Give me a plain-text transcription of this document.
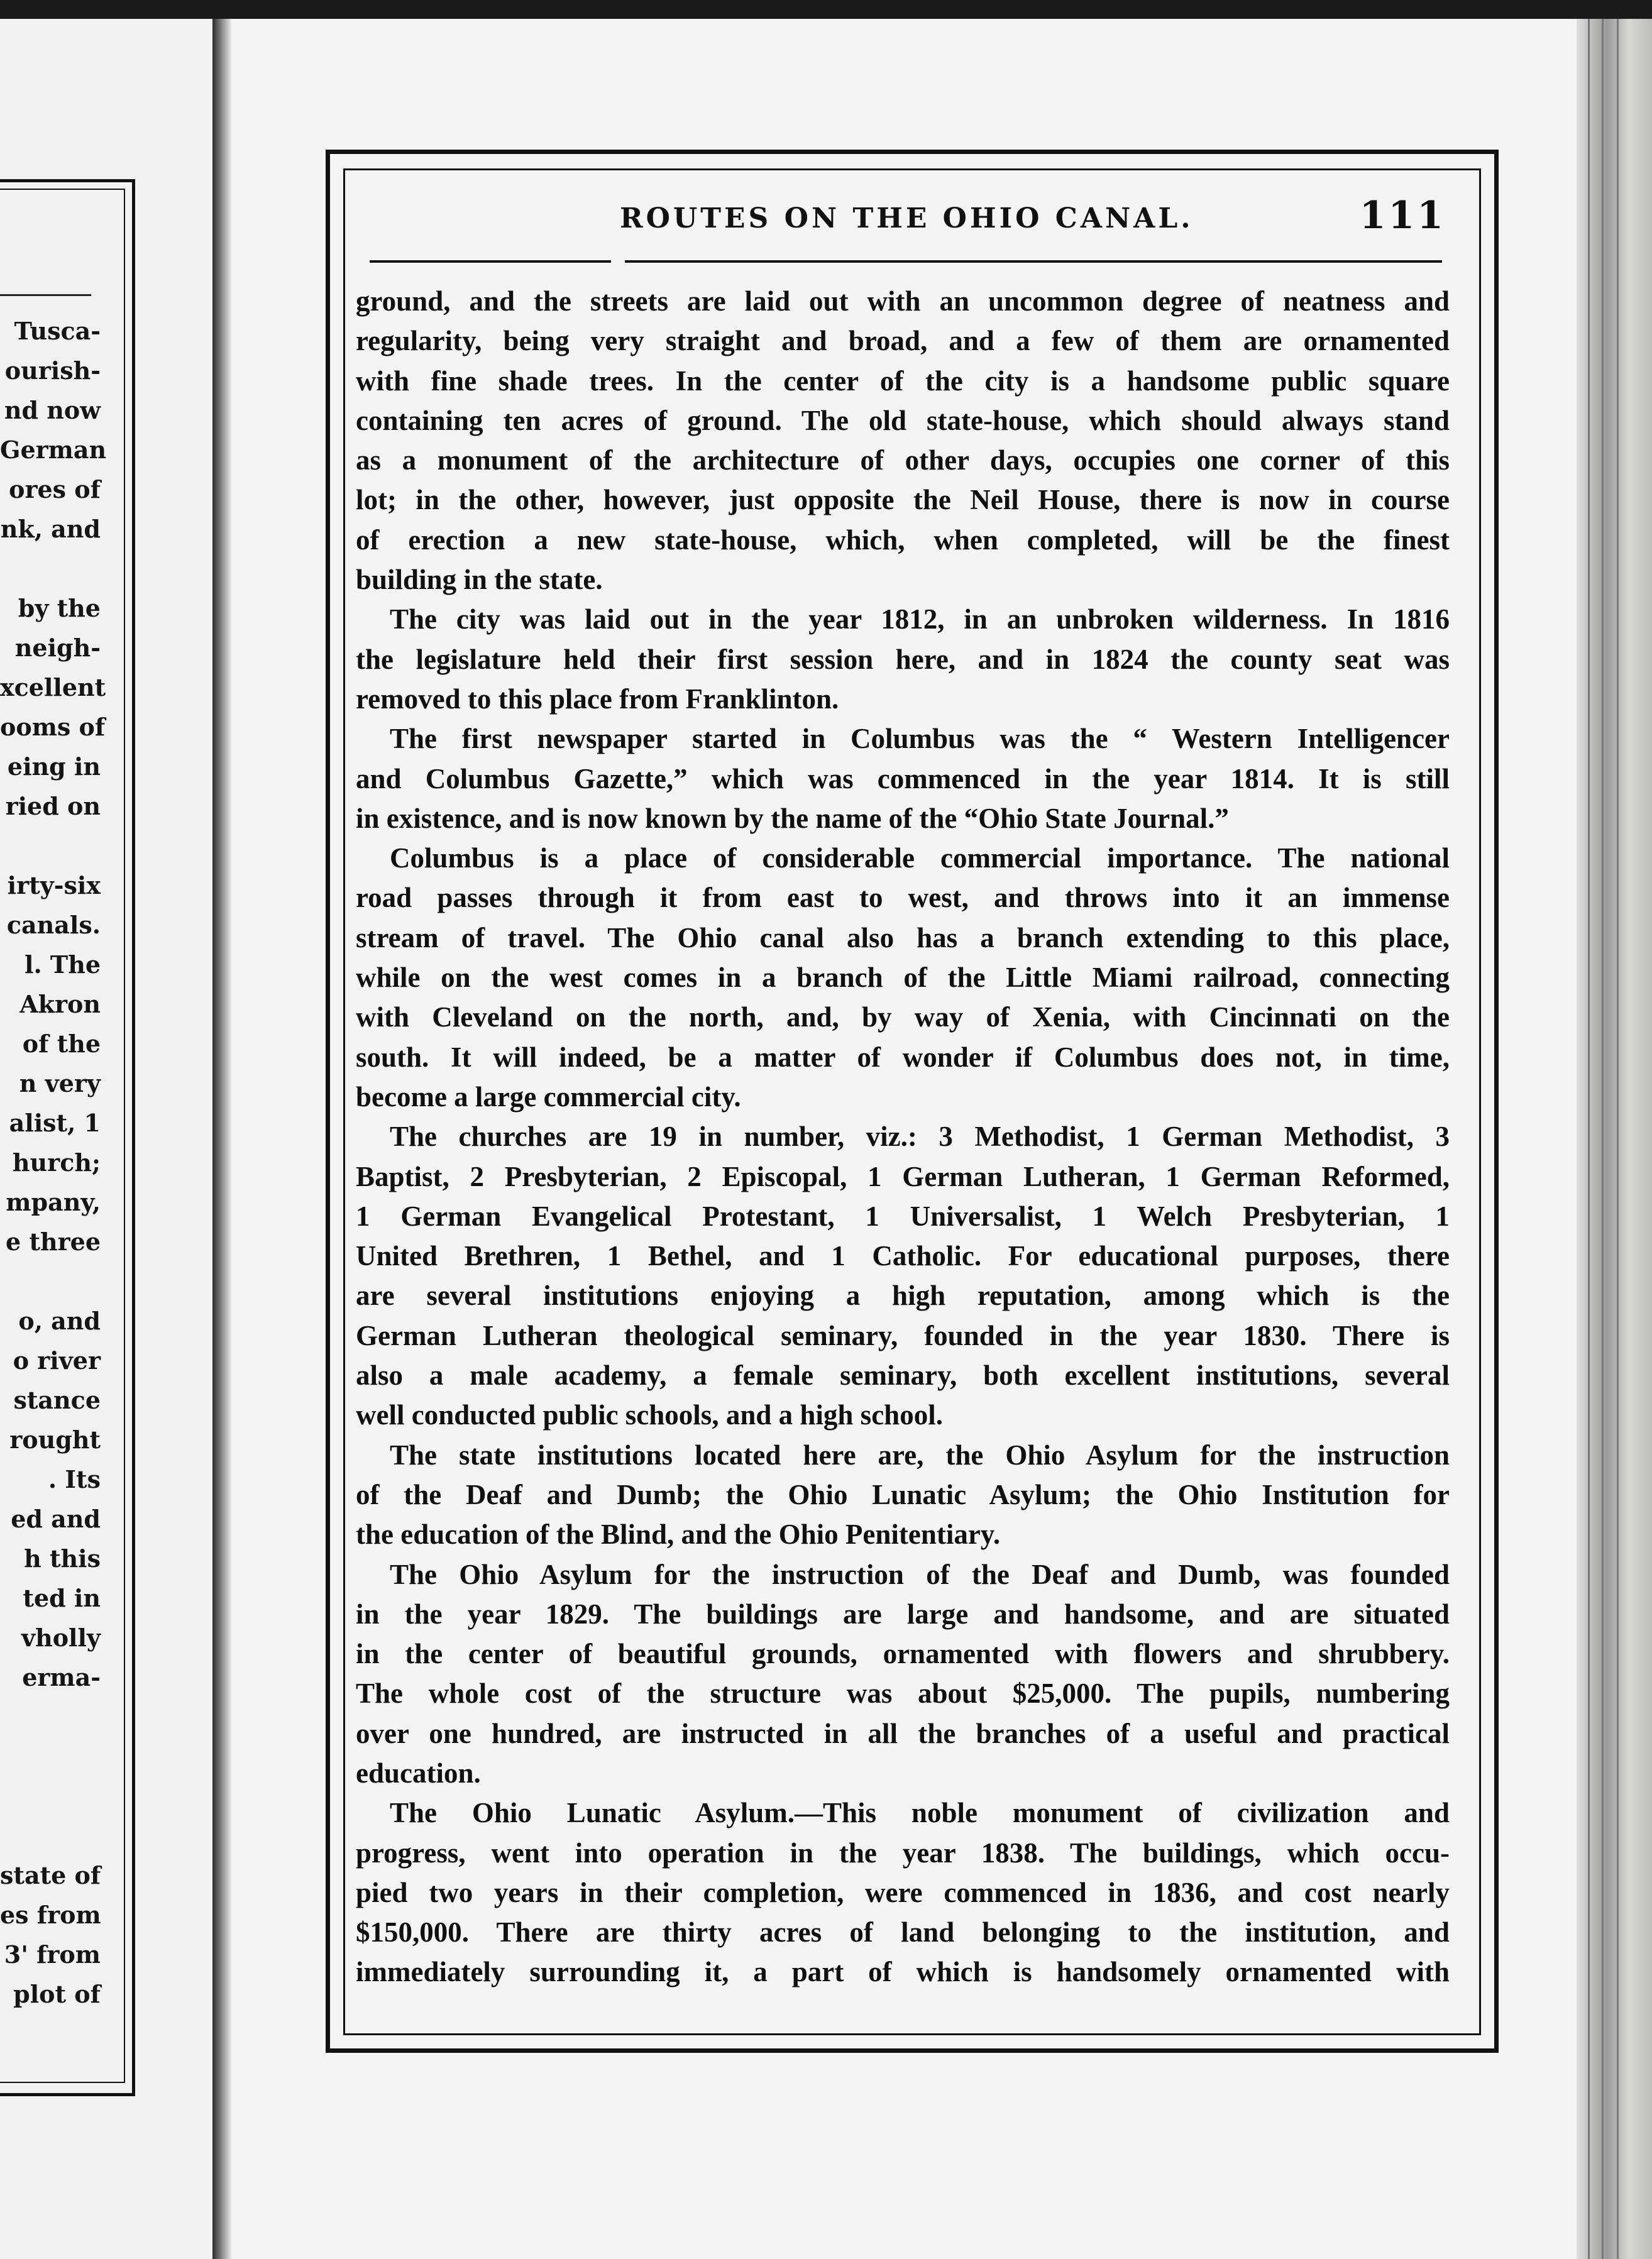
Tusca-
ourish-
nd now
German
ores of
nk, and
by the
neigh-
xcellent
ooms of
eing in
ried on
irty-six
canals.
l. The
Akron
of the
n very
alist, 1
hurch;
mpany,
e three
o, and
o river
stance
rought
. Its
ed and
h this
ted in
vholly
erma-
state of
es from
3' from
plot of
ROUTES ON THE OHIO CANAL.	111
ground, and the streets are laid out with an uncommon degree of neatness and
regularity, being very straight and broad, and a few of them are ornamented
with fine shade trees. In the center of the city is a handsome public square
containing ten acres of ground. The old state-house, which should always stand
as a monument of the architecture of other days, occupies one corner of this
lot; in the other, however, just opposite the Neil House, there is now in course
of erection a new state-house, which, when completed, will be the finest
building in the state.
The city was laid out in the year 1812, in an unbroken wilderness. In 1816
the legislature held their first session here, and in 1824 the county seat was
removed to this place from Franklinton.
The first newspaper started in Columbus was the “ Western Intelligencer
and Columbus Gazette,” which was commenced in the year 1814. It is still
in existence, and is now known by the name of the “Ohio State Journal.”
Columbus is a place of considerable commercial importance. The national
road passes through it from east to west, and throws into it an immense
stream of travel. The Ohio canal also has a branch extending to this place,
while on the west comes in a branch of the Little Miami railroad, connecting
with Cleveland on the north, and, by way of Xenia, with Cincinnati on the
south. It will indeed, be a matter of wonder if Columbus does not, in time,
become a large commercial city.
The churches are 19 in number, viz.: 3 Methodist, 1 German Methodist, 3
Baptist, 2 Presbyterian, 2 Episcopal, 1 German Lutheran, 1 German Reformed,
1 German Evangelical Protestant, 1 Universalist, 1 Welch Presbyterian, 1
United Brethren, 1 Bethel, and 1 Catholic. For educational purposes, there
are several institutions enjoying a high reputation, among which is the
German Lutheran theological seminary, founded in the year 1830. There is
also a male academy, a female seminary, both excellent institutions, several
well conducted public schools, and a high school.
The state institutions located here are, the Ohio Asylum for the instruction
of the Deaf and Dumb; the Ohio Lunatic Asylum; the Ohio Institution for
the education of the Blind, and the Ohio Penitentiary.
The Ohio Asylum for the instruction of the Deaf and Dumb, was founded
in the year 1829. The buildings are large and handsome, and are situated
in the center of beautiful grounds, ornamented with flowers and shrubbery.
The whole cost of the structure was about $25,000. The pupils, numbering
over one hundred, are instructed in all the branches of a useful and practical
education.
The Ohio Lunatic Asylum.—This noble monument of civilization and
progress, went into operation in the year 1838. The buildings, which occu-
pied two years in their completion, were commenced in 1836, and cost nearly
$150,000. There are thirty acres of land belonging to the institution, and
immediately surrounding it, a part of which is handsomely ornamented with
